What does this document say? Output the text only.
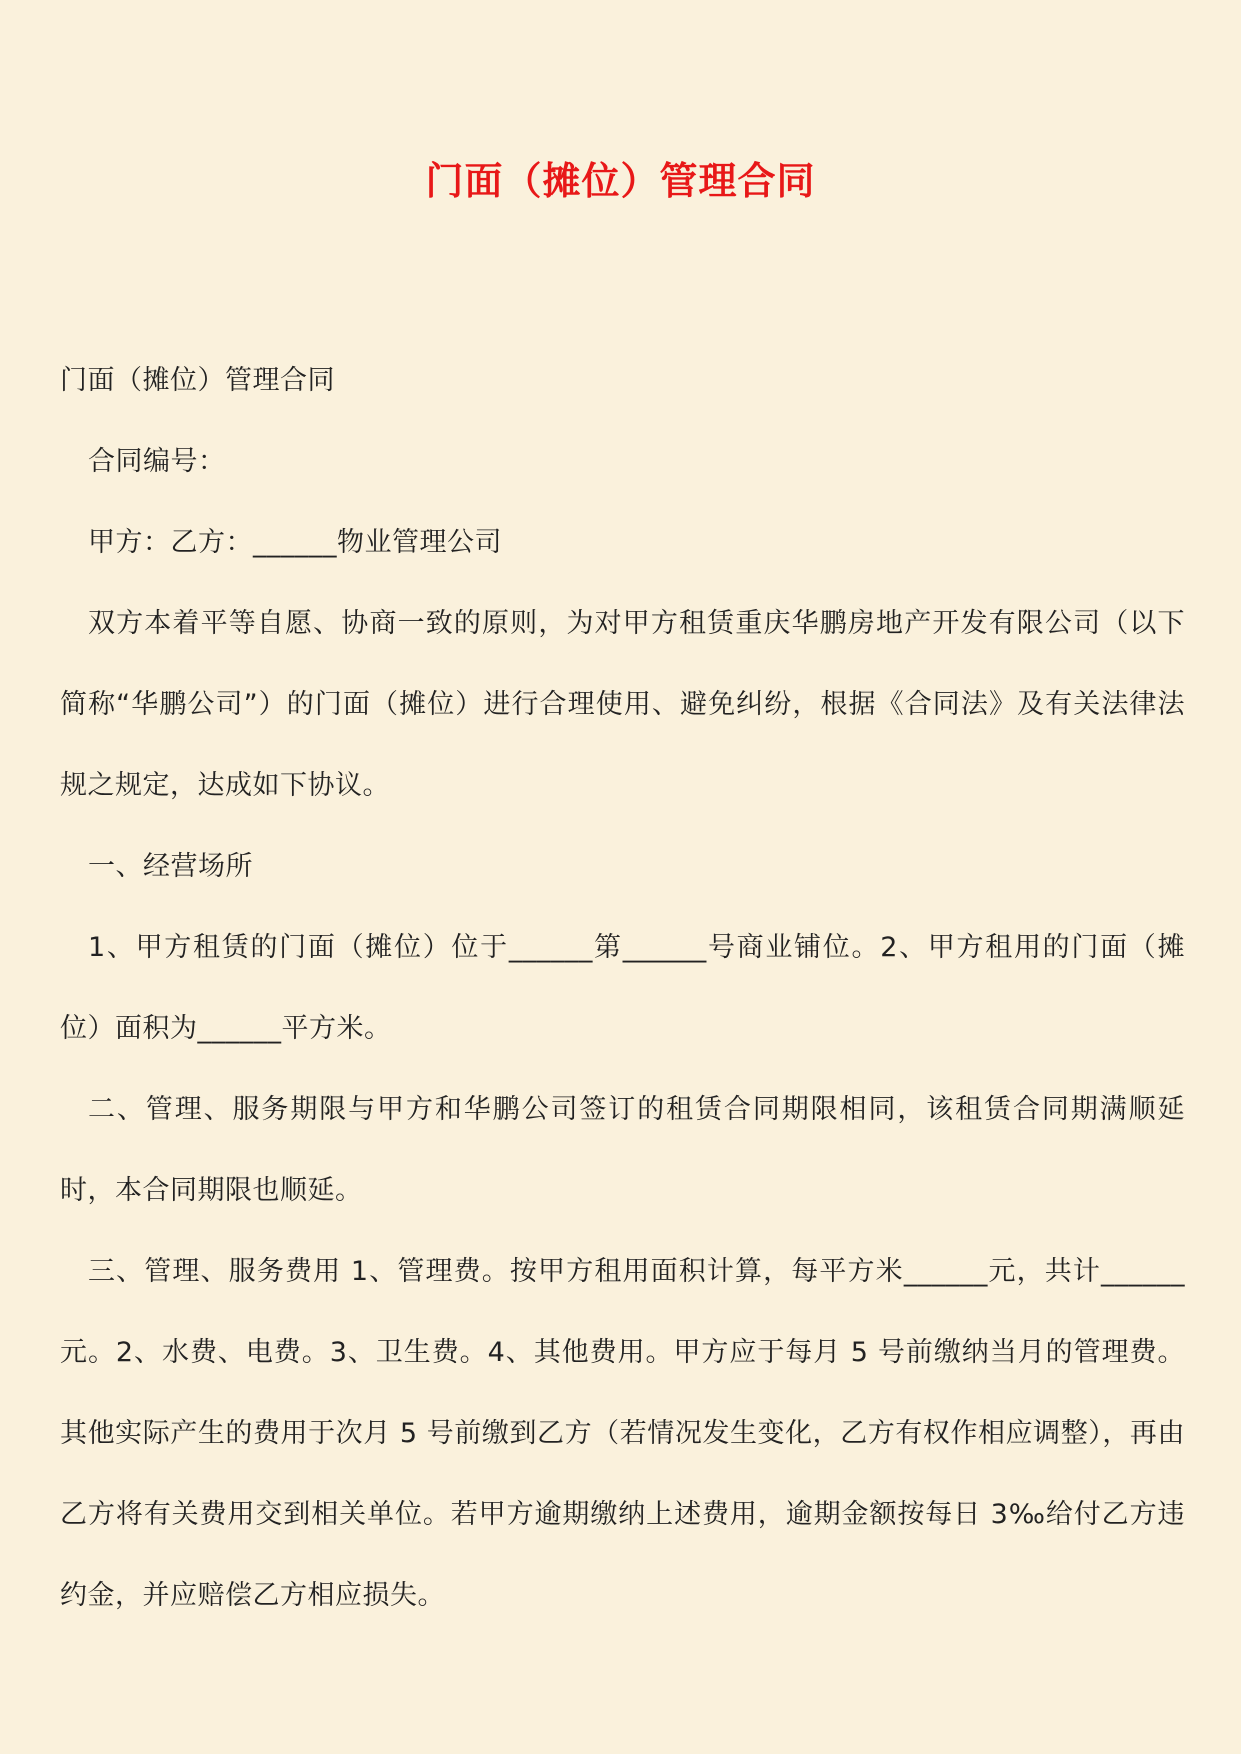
门面（摊位）管理合同

门面（摊位）管理合同

合同编号：

甲方：乙方：______物业管理公司

双方本着平等自愿、协商一致的原则，为对甲方租赁重庆华鹏房地产开发有限公司（以下简称“华鹏公司”）的门面（摊位）进行合理使用、避免纠纷，根据《合同法》及有关法律法规之规定，达成如下协议。

一、经营场所

1、甲方租赁的门面（摊位）位于______第______号商业铺位。2、甲方租用的门面（摊位）面积为______平方米。

二、管理、服务期限与甲方和华鹏公司签订的租赁合同期限相同，该租赁合同期满顺延时，本合同期限也顺延。

三、管理、服务费用 1、管理费。按甲方租用面积计算，每平方米______元，共计______元。2、水费、电费。3、卫生费。4、其他费用。甲方应于每月 5 号前缴纳当月的管理费。其他实际产生的费用于次月 5 号前缴到乙方（若情况发生变化，乙方有权作相应调整），再由乙方将有关费用交到相关单位。若甲方逾期缴纳上述费用，逾期金额按每日 3‰给付乙方违约金，并应赔偿乙方相应损失。
